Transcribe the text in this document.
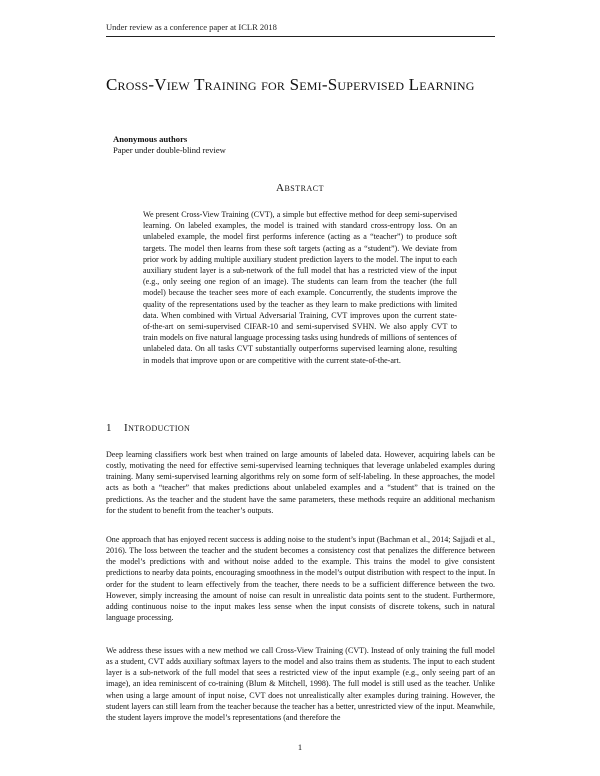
Under review as a conference paper at ICLR 2018
Cross-View Training for Semi-Supervised Learning
Anonymous authors
Paper under double-blind review
Abstract

We present Cross-View Training (CVT), a simple but effective method for deep semi-supervised learning. On labeled examples, the model is trained with standard cross-entropy loss. On an unlabeled example, the model first performs inference (acting as a “teacher”) to produce soft targets. The model then learns from these soft targets (acting as a “student”). We deviate from prior work by adding multiple auxiliary student prediction layers to the model. The input to each auxiliary student layer is a sub-network of the full model that has a restricted view of the input (e.g., only seeing one region of an image). The students can learn from the teacher (the full model) because the teacher sees more of each example. Concurrently, the students improve the quality of the representations used by the teacher as they learn to make predictions with limited data. When combined with Virtual Adversarial Training, CVT improves upon the current state-of-the-art on semi-supervised CIFAR-10 and semi-supervised SVHN. We also apply CVT to train models on five natural language processing tasks using hundreds of millions of sentences of unlabeled data. On all tasks CVT substantially outperforms supervised learning alone, resulting in models that improve upon or are competitive with the current state-of-the-art.

1 Introduction

Deep learning classifiers work best when trained on large amounts of labeled data. However, acquiring labels can be costly, motivating the need for effective semi-supervised learning techniques that leverage unlabeled examples during training. Many semi-supervised learning algorithms rely on some form of self-labeling. In these approaches, the model acts as both a “teacher” that makes predictions about unlabeled examples and a “student” that is trained on the predictions. As the teacher and the student have the same parameters, these methods require an additional mechanism for the student to benefit from the teacher’s outputs.

One approach that has enjoyed recent success is adding noise to the student’s input (Bachman et al., 2014; Sajjadi et al., 2016). The loss between the teacher and the student becomes a consistency cost that penalizes the difference between the model’s predictions with and without noise added to the example. This trains the model to give consistent predictions to nearby data points, encouraging smoothness in the model’s output distribution with respect to the input. In order for the student to learn effectively from the teacher, there needs to be a sufficient difference between the two. However, simply increasing the amount of noise can result in unrealistic data points sent to the student. Furthermore, adding continuous noise to the input makes less sense when the input consists of discrete tokens, such in natural language processing.

We address these issues with a new method we call Cross-View Training (CVT). Instead of only training the full model as a student, CVT adds auxiliary softmax layers to the model and also trains them as students. The input to each student layer is a sub-network of the full model that sees a restricted view of the input example (e.g., only seeing part of an image), an idea reminiscent of co-training (Blum & Mitchell, 1998). The full model is still used as the teacher. Unlike when using a large amount of input noise, CVT does not unrealistically alter examples during training. However, the student layers can still learn from the teacher because the teacher has a better, unrestricted view of the input. Meanwhile, the student layers improve the model’s representations (and therefore the

1
